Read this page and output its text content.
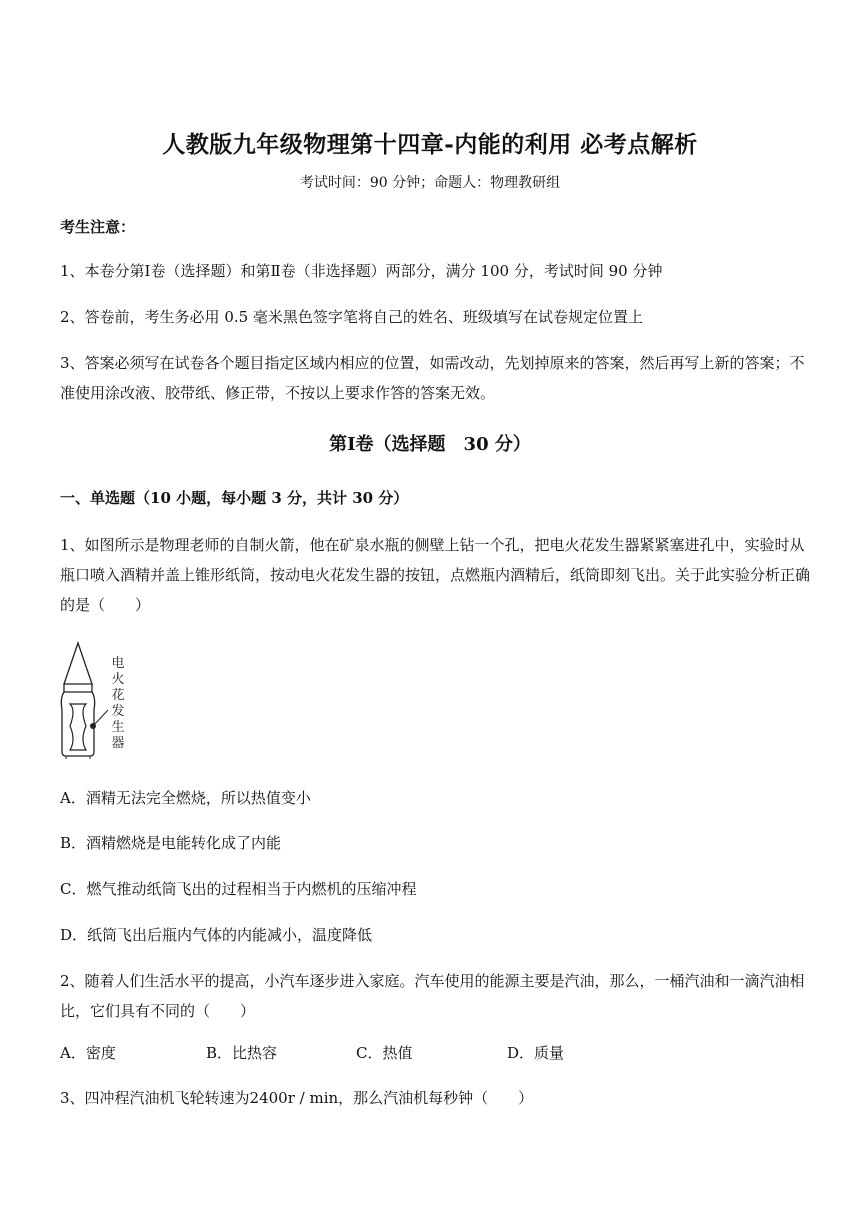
人教版九年级物理第十四章-内能的利用 必考点解析
考试时间：90 分钟；命题人：物理教研组

考生注意：

1、本卷分第Ⅰ卷（选择题）和第Ⅱ卷（非选择题）两部分，满分 100 分，考试时间 90 分钟

2、答卷前，考生务必用 0.5 毫米黑色签字笔将自己的姓名、班级填写在试卷规定位置上

3、答案必须写在试卷各个题目指定区域内相应的位置，如需改动，先划掉原来的答案，然后再写上新的答案；不准使用涂改液、胶带纸、修正带，不按以上要求作答的答案无效。

第Ⅰ卷（选择题　30 分）

一、单选题（10 小题，每小题 3 分，共计 30 分）

1、如图所示是物理老师的自制火箭，他在矿泉水瓶的侧壁上钻一个孔，把电火花发生器紧紧塞进孔中，实验时从瓶口喷入酒精并盖上锥形纸筒，按动电火花发生器的按钮，点燃瓶内酒精后，纸筒即刻飞出。关于此实验分析正确的是（　　）

电
火
花
发
生
器
A．酒精无法完全燃烧，所以热值变小
B．酒精燃烧是电能转化成了内能
C．燃气推动纸筒飞出的过程相当于内燃机的压缩冲程
D．纸筒飞出后瓶内气体的内能减小，温度降低

2、随着人们生活水平的提高，小汽车逐步进入家庭。汽车使用的能源主要是汽油，那么，一桶汽油和一滴汽油相比，它们具有不同的（　　）

A．密度	B．比热容	C．热值	D．质量

3、四冲程汽油机飞轮转速为2400r / min，那么汽油机每秒钟（　　）
